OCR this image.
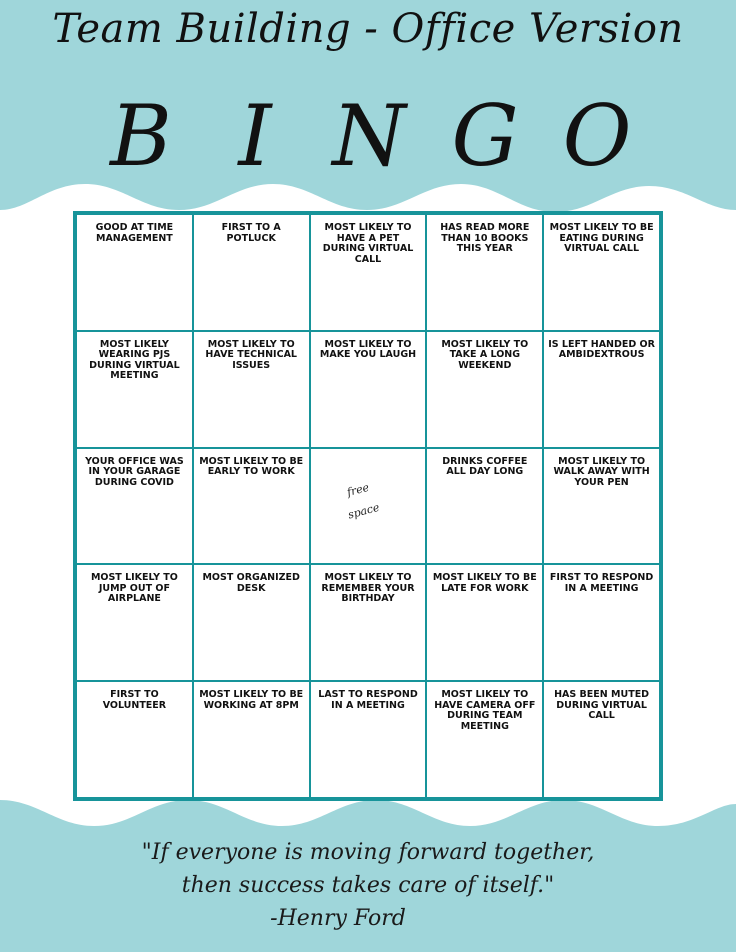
Team Building - Office Version
B I N G O
GOOD AT TIME MANAGEMENT
FIRST TO A POTLUCK
MOST LIKELY TO HAVE A PET DURING VIRTUAL CALL
HAS READ MORE THAN 10 BOOKS THIS YEAR
MOST LIKELY TO BE EATING DURING VIRTUAL CALL
MOST LIKELY WEARING PJS DURING VIRTUAL MEETING
MOST LIKELY TO HAVE TECHNICAL ISSUES
MOST LIKELY TO MAKE YOU LAUGH
MOST LIKELY TO TAKE A LONG WEEKEND
IS LEFT HANDED OR AMBIDEXTROUS
YOUR OFFICE WAS IN YOUR GARAGE DURING COVID
MOST LIKELY TO BE EARLY TO WORK

free
space

DRINKS COFFEE ALL DAY LONG
MOST LIKELY TO WALK AWAY WITH YOUR PEN
MOST LIKELY TO JUMP OUT OF AIRPLANE
MOST ORGANIZED DESK
MOST LIKELY TO REMEMBER YOUR BIRTHDAY
MOST LIKELY TO BE LATE FOR WORK
FIRST TO RESPOND IN A MEETING
FIRST TO VOLUNTEER
MOST LIKELY TO BE WORKING AT 8PM
LAST TO RESPOND IN A MEETING
MOST LIKELY TO HAVE CAMERA OFF DURING TEAM MEETING
HAS BEEN MUTED DURING VIRTUAL CALL
"If everyone is moving forward together,
then success takes care of itself."
-Henry Ford
